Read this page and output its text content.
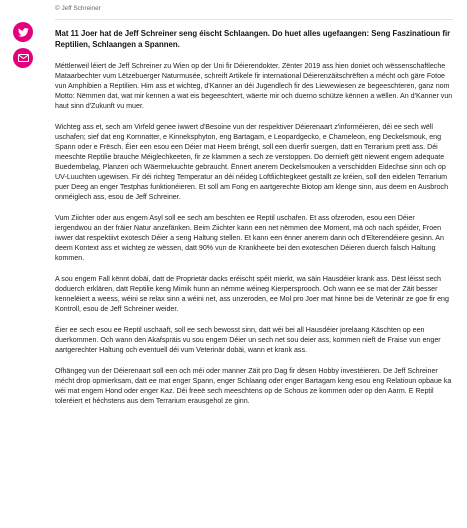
© Jeff Schreiner

Mat 11 Joer hat de Jeff Schreiner seng éischt Schlaangen. Do huet alles ugefaangen: Seng Faszinatioun fir Reptilien, Schlaangen a Spannen.

Méttlerweil léiert de Jeff Schreiner zu Wien op der Uni fir Déierendokter. Zënter 2019 ass hien doniet och wëssenschaftleche Mataarbechter vum Lëtzebuerger Naturmusée, schreift Artikele fir international Déierenzäitschrëften a mécht och gäre Fotoe vun Amphibien a Reptilien. Him ass et wichteg, d'Kanner an déi Jugendlech fir des Liewewiesen ze begeeschteren, ganz nom Motto: Nëmmen dat, wat mir kennen a wat eis begeeschtert, wäerte mir och duerno schütze kënnen a wëllen. An d'Kanner vun haut sinn d'Zukunft vu muer.

Wichteg ass et, sech am Virfeld genee iwwert d'Besoine vun der respektiver Déierenaart z'informéieren, déi ee sech wëll uschafen; sief dat eng Kornnatter, e Kinneksphyton, eng Bartagam, e Leopardgecko, e Chameleon, eng Deckelsmouk, eng Spann oder e Frësch. Éier een esou een Déier mat Heem bréngt, soll een duerfir suergen, datt en Terrarium prett ass. Déi meeschte Reptilie brauche Méiglechkeeten, fir ze klammen a sech ze verstoppen. Do dernieft gëtt niewent engem adequate Buedembelag, Planzen och Wäermeluuchte gebraucht. Ënnert anerem Deckelsmouken a verschidden Eidechse sinn och op UV-Luuchten ugewisen. Fir déi richteg Temperatur an déi néideg Loftfiichtegkeet gestallt ze kréien, soll den eidelen Terrarium puer Deeg an enger Testphas funktionéieren. Et soll am Fong en aartgerechte Biotop am klenge sinn, aus deem en Ausbroch onméiglech ass, esou de Jeff Schreiner.

Vum Ziichter oder aus engem Asyl soll ee sech am beschten ee Reptil uschafen. Et ass ofzeroden, esou een Déier iergendwou an der fräier Natur anzefänken. Beim Ziichter kann een net nëmmen dee Moment, mä och nach spéider, Froen iwwer dat respektiivt exotesch Déier a seng Haltung stellen. Et kann een ënner anerem dann och d'Elterendéiere gesinn. An deem Kontext ass et wichteg ze wëssen, datt 90% vun de Krankheete bei den exoteschen Déieren duerch falsch Haltung kommen.

A sou engem Fall kënnt dobäi, datt de Proprietär dacks eréischt spéit mierkt, wa säin Hausdéier krank ass. Dëst léisst sech doduerch erklären, datt Reptilie keng Mimik hunn an nëmme wéineg Kierpersprooch. Och wann ee se mat der Zäit besser kennelëiert a weess, wéini se relax sinn a wéini net, ass unzeroden, ee Mol pro Joer mat hinne bei de Veterinär ze goe fir eng Kontroll, esou de Jeff Schreiner weider.

Éier ee sech esou ee Reptil uschaaft, soll ee sech bewosst sinn, datt wéi bei all Hausdéier jorelaang Käschten op een duerkommen. Och wann den Akafspräis vu sou engem Déier un sech net sou deier ass, kommen nieft de Fraise vun enger aartgerechter Haltung och eventuell déi vum Veterinär dobäi, wann et krank ass.

Ofhängeg vun der Déierenaart soll een och méi oder manner Zäit pro Dag fir dësen Hobby investéieren. De Jeff Schreiner mécht drop opmierksam, datt ee mat enger Spann, enger Schlaang oder enger Bartagam keng esou eng Relatioun opbaue ka wéi mat engem Hond oder enger Kaz. Déi freeë sech meeschtens op de Schous ze kommen oder op den Aarm. E Reptil toleréiert et héchstens aus dem Terrarium erausgehol ze ginn.
